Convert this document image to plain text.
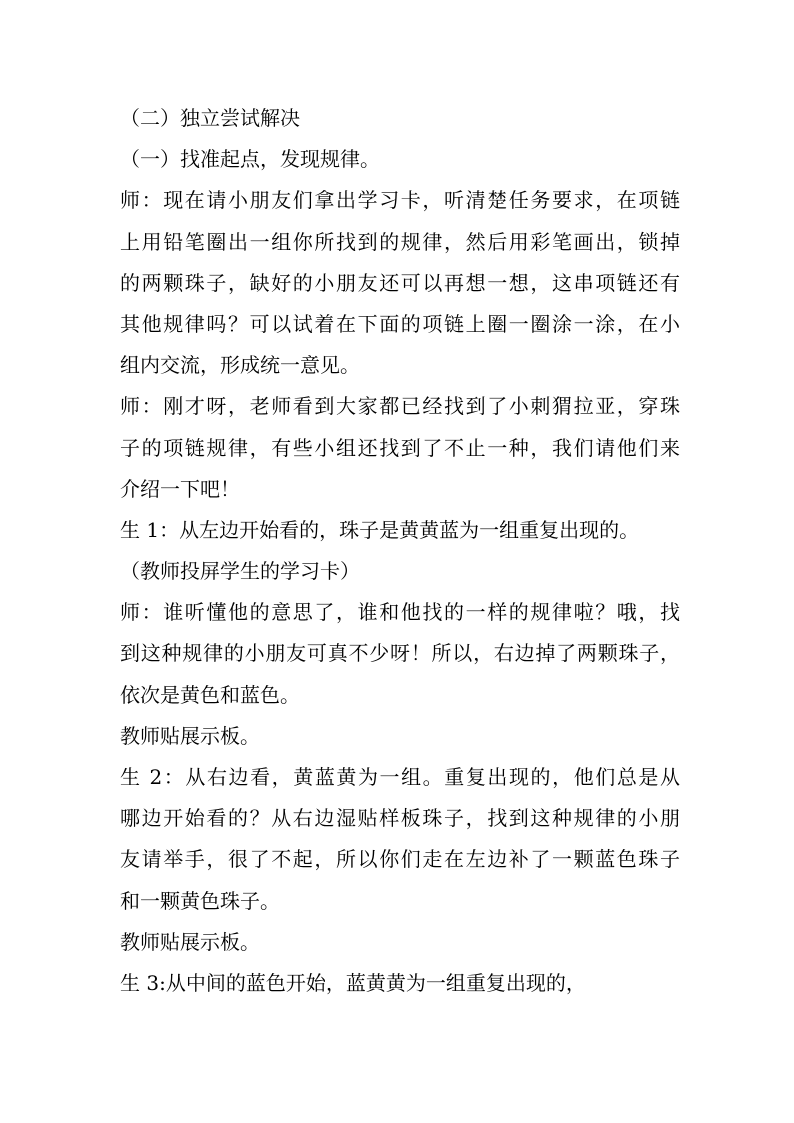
（二）独立尝试解决
（一）找准起点，发现规律。
师：现在请小朋友们拿出学习卡，听清楚任务要求，在项链
上用铅笔圈出一组你所找到的规律，然后用彩笔画出，锁掉
的两颗珠子，缺好的小朋友还可以再想一想，这串项链还有
其他规律吗？可以试着在下面的项链上圈一圈涂一涂，在小
组内交流，形成统一意见。
师：刚才呀，老师看到大家都已经找到了小刺猬拉亚，穿珠
子的项链规律，有些小组还找到了不止一种，我们请他们来
介绍一下吧！
生 1：从左边开始看的，珠子是黄黄蓝为一组重复出现的。
（教师投屏学生的学习卡）
师：谁听懂他的意思了，谁和他找的一样的规律啦？哦，找
到这种规律的小朋友可真不少呀！所以，右边掉了两颗珠子，
依次是黄色和蓝色。
教师贴展示板。
生 2：从右边看，黄蓝黄为一组。重复出现的，他们总是从
哪边开始看的？从右边湿贴样板珠子，找到这种规律的小朋
友请举手，很了不起，所以你们走在左边补了一颗蓝色珠子
和一颗黄色珠子。
教师贴展示板。
生 3:从中间的蓝色开始，蓝黄黄为一组重复出现的，
